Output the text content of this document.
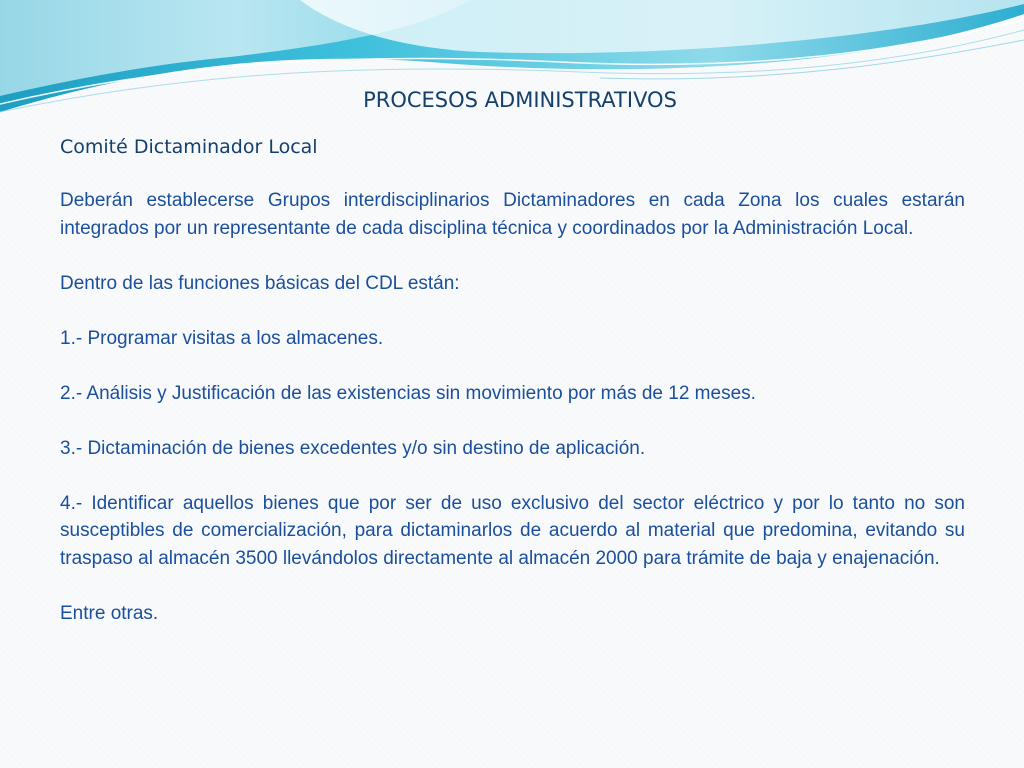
PROCESOS ADMINISTRATIVOS
Comité Dictaminador Local

Deberán establecerse Grupos interdisciplinarios Dictaminadores en cada Zona los cuales estarán integrados por un representante de cada disciplina técnica y coordinados por la Administración Local.

Dentro de las funciones básicas del CDL están:

1.- Programar visitas a los almacenes.

2.- Análisis y Justificación de las existencias sin movimiento por más de 12 meses.

3.- Dictaminación de bienes excedentes y/o sin destino de aplicación.

4.- Identificar aquellos bienes que por ser de uso exclusivo del sector eléctrico y por lo tanto no son susceptibles de comercialización, para dictaminarlos de acuerdo al material que predomina, evitando su traspaso al almacén 3500 llevándolos directamente al almacén 2000 para trámite de baja y enajenación.

Entre otras.
